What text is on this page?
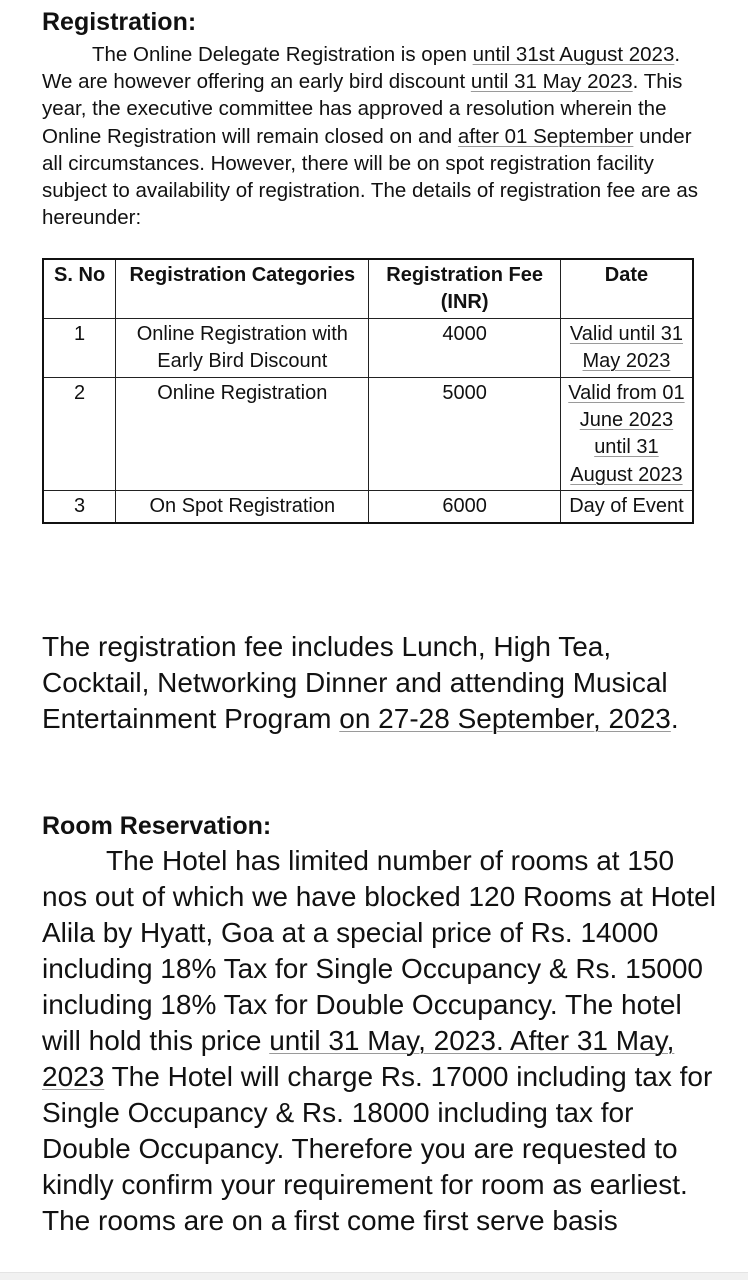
Registration:

The Online Delegate Registration is open until 31st August 2023. We are however offering an early bird discount until 31 May 2023. This year, the executive committee has approved a resolution wherein the Online Registration will remain closed on and after 01 September under all circumstances. However, there will be on spot registration facility subject to availability of registration. The details of registration fee are as hereunder:

S. No	Registration Categories	Registration Fee (INR)	Date
1	Online Registration with Early Bird Discount	4000	Valid until 31 May 2023
2	Online Registration	5000	Valid from 01 June 2023 until 31 August 2023
3	On Spot Registration	6000	Day of Event

The registration fee includes Lunch, High Tea, Cocktail, Networking Dinner and attending Musical Entertainment Program on 27-28 September, 2023.

Room Reservation:

The Hotel has limited number of rooms at 150 nos out of which we have blocked 120 Rooms at Hotel Alila by Hyatt, Goa at a special price of Rs. 14000 including 18% Tax for Single Occupancy & Rs. 15000 including 18% Tax for Double Occupancy. The hotel will hold this price until 31 May, 2023. After 31 May, 2023 The Hotel will charge Rs. 17000 including tax for Single Occupancy & Rs. 18000 including tax for Double Occupancy. Therefore you are requested to kindly confirm your requirement for room as earliest. The rooms are on a first come first serve basis
